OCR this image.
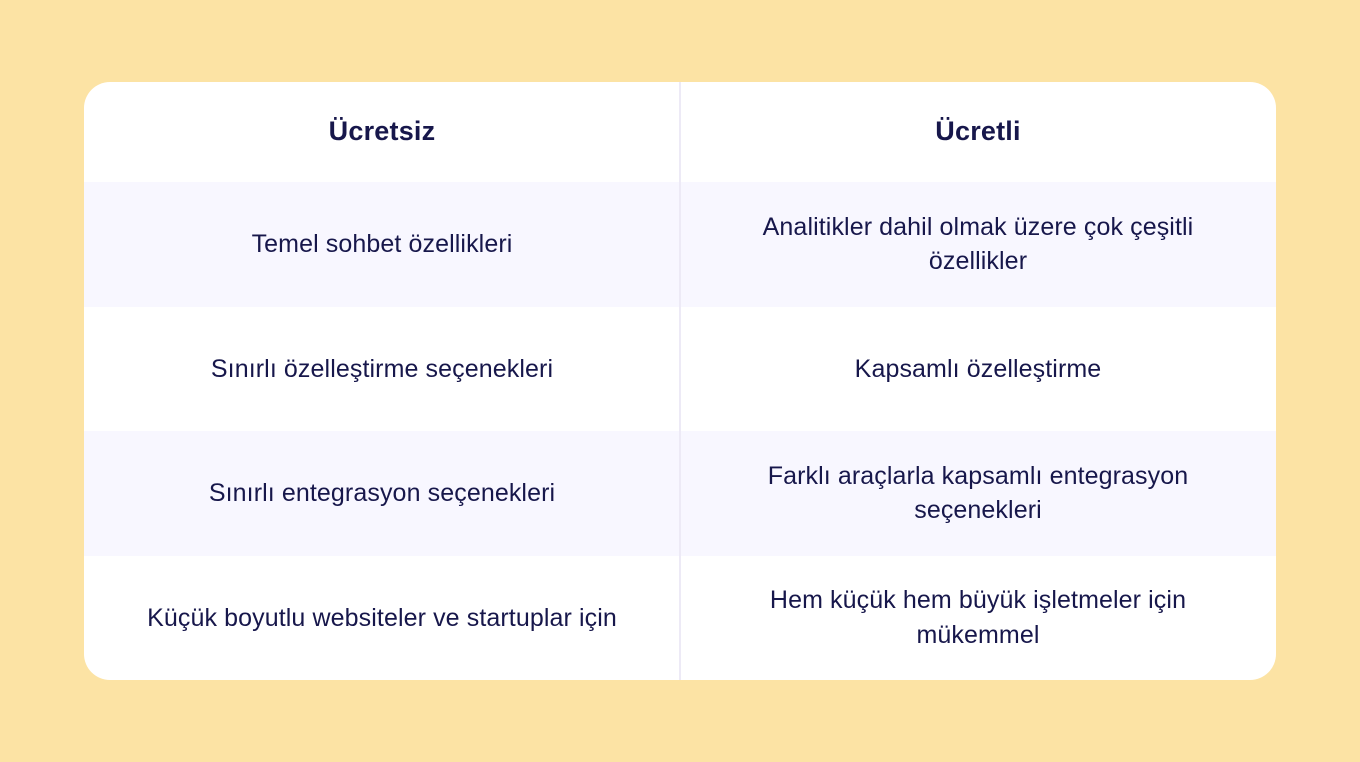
Ücretsiz	Ücretli
Temel sohbet özellikleri
Analitikler dahil olmak üzere çok çeşitli özellikler
Sınırlı özelleştirme seçenekleri	Kapsamlı özelleştirme
Sınırlı entegrasyon seçenekleri
Farklı araçlarla kapsamlı entegrasyon seçenekleri
Küçük boyutlu websiteler ve startuplar için
Hem küçük hem büyük işletmeler için mükemmel
